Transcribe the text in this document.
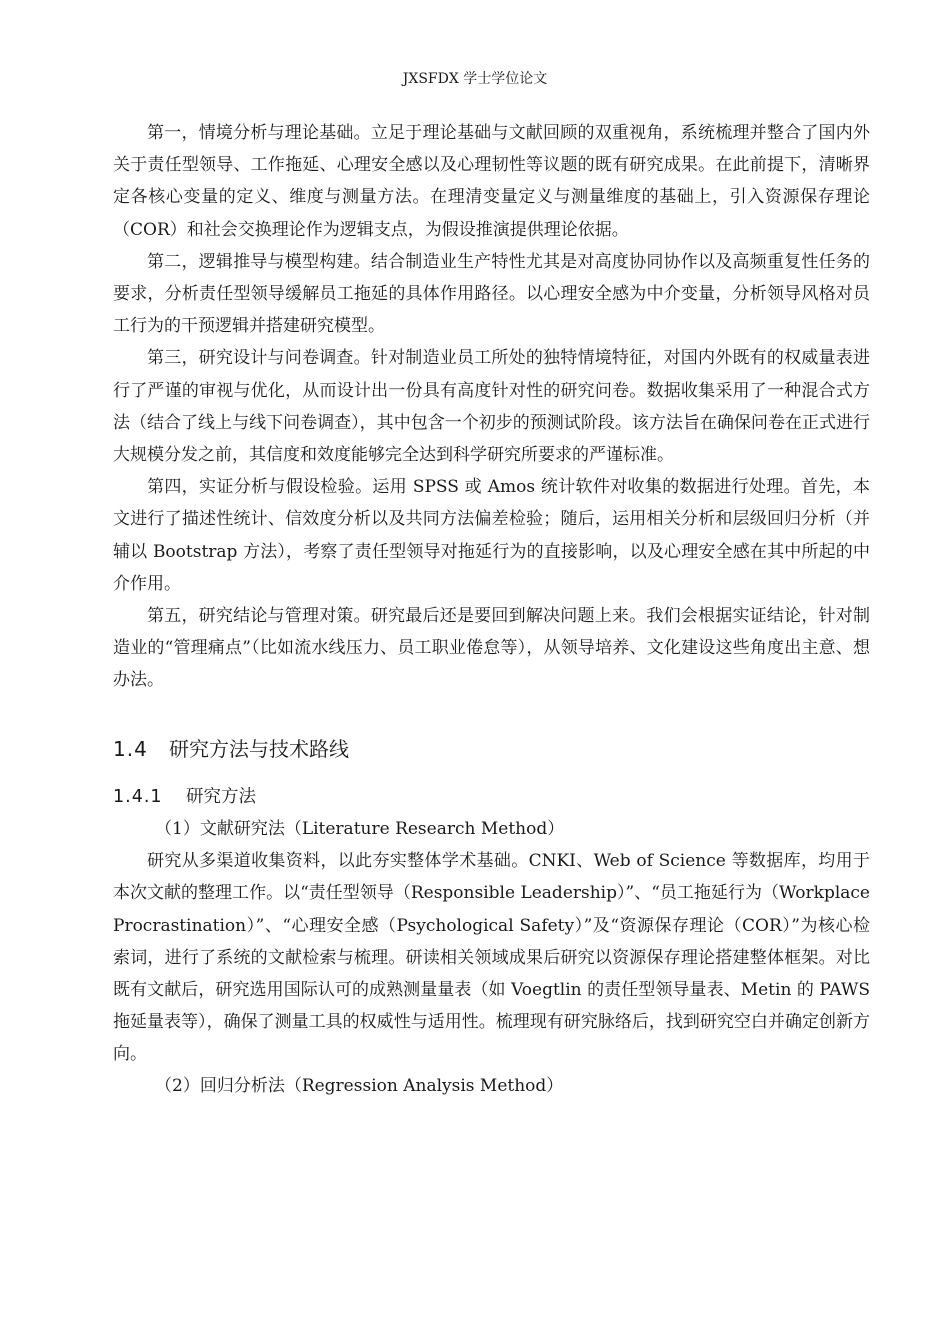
JXSFDX 学士学位论文

第一，情境分析与理论基础。立足于理论基础与文献回顾的双重视角，系统梳理并整合了国内外关于责任型领导、工作拖延、心理安全感以及心理韧性等议题的既有研究成果。在此前提下，清晰界定各核心变量的定义、维度与测量方法。在理清变量定义与测量维度的基础上，引入资源保存理论（COR）和社会交换理论作为逻辑支点，为假设推演提供理论依据。

第二，逻辑推导与模型构建。结合制造业生产特性尤其是对高度协同协作以及高频重复性任务的要求，分析责任型领导缓解员工拖延的具体作用路径。以心理安全感为中介变量，分析领导风格对员工行为的干预逻辑并搭建研究模型。

第三，研究设计与问卷调查。针对制造业员工所处的独特情境特征，对国内外既有的权威量表进行了严谨的审视与优化，从而设计出一份具有高度针对性的研究问卷。数据收集采用了一种混合式方法（结合了线上与线下问卷调查），其中包含一个初步的预测试阶段。该方法旨在确保问卷在正式进行大规模分发之前，其信度和效度能够完全达到科学研究所要求的严谨标准。

第四，实证分析与假设检验。运用 SPSS 或 Amos 统计软件对收集的数据进行处理。首先，本文进行了描述性统计、信效度分析以及共同方法偏差检验；随后，运用相关分析和层级回归分析（并辅以 Bootstrap 方法），考察了责任型领导对拖延行为的直接影响，以及心理安全感在其中所起的中介作用。

第五，研究结论与管理对策。研究最后还是要回到解决问题上来。我们会根据实证结论，针对制造业的“管理痛点”（比如流水线压力、员工职业倦怠等），从领导培养、文化建设这些角度出主意、想办法。

1.4	研究方法与技术路线
1.4.1	研究方法

（1）文献研究法（Literature Research Method）

研究从多渠道收集资料，以此夯实整体学术基础。CNKI、Web of Science 等数据库，均用于本次文献的整理工作。以“责任型领导（Responsible Leadership）”、“员工拖延行为（Workplace Procrastination）”、“心理安全感（Psychological Safety）”及“资源保存理论（COR）”为核心检索词，进行了系统的文献检索与梳理。研读相关领域成果后研究以资源保存理论搭建整体框架。对比既有文献后，研究选用国际认可的成熟测量量表（如 Voegtlin 的责任型领导量表、Metin 的 PAWS 拖延量表等），确保了测量工具的权威性与适用性。梳理现有研究脉络后，找到研究空白并确定创新方向。

（2）回归分析法（Regression Analysis Method）
